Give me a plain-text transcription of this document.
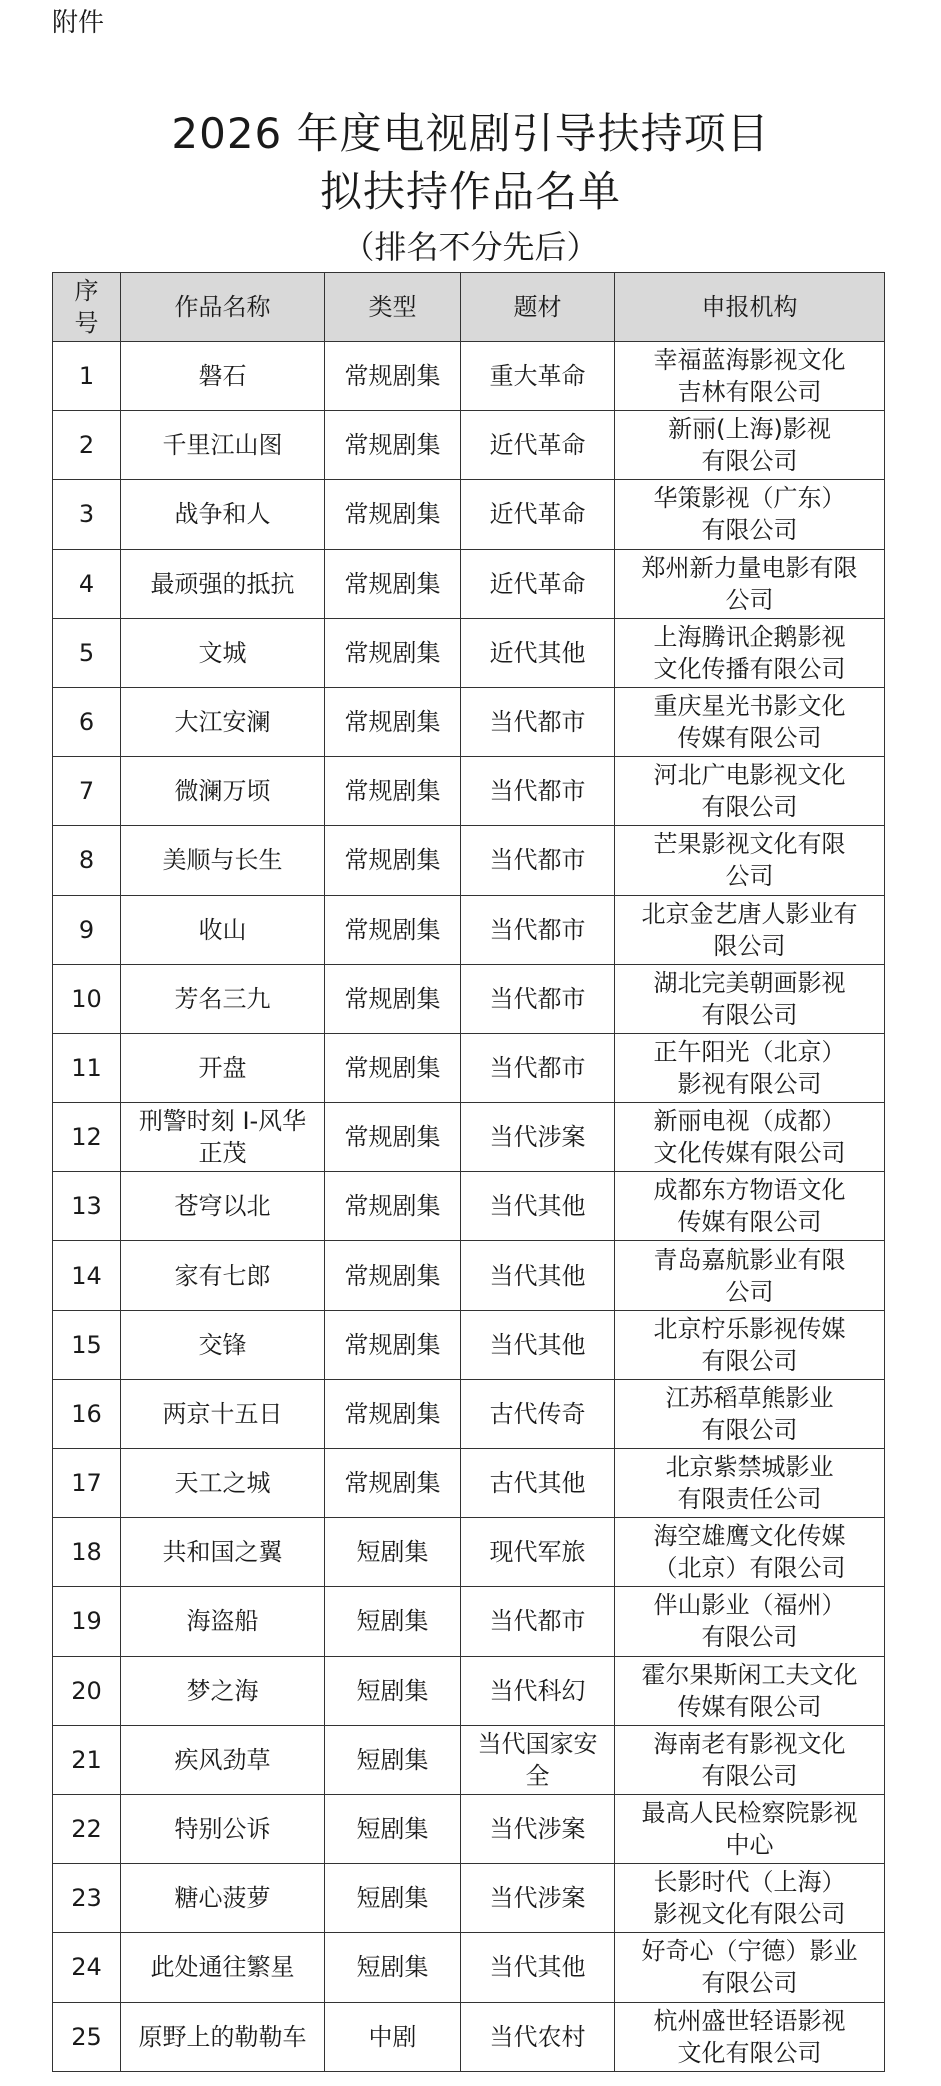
附件
2026 年度电视剧引导扶持项目
拟扶持作品名单
（排名不分先后）
序
号	作品名称	类型	题材	申报机构
1	磐石	常规剧集	重大革命	幸福蓝海影视文化
吉林有限公司
2	千里江山图	常规剧集	近代革命	新丽(上海)影视
有限公司
3	战争和人	常规剧集	近代革命	华策影视（广东）
有限公司
4	最顽强的抵抗	常规剧集	近代革命	郑州新力量电影有限
公司
5	文城	常规剧集	近代其他	上海腾讯企鹅影视
文化传播有限公司
6	大江安澜	常规剧集	当代都市	重庆星光书影文化
传媒有限公司
7	微澜万顷	常规剧集	当代都市	河北广电影视文化
有限公司
8	美顺与长生	常规剧集	当代都市	芒果影视文化有限
公司
9	收山	常规剧集	当代都市	北京金艺唐人影业有
限公司
10	芳名三九	常规剧集	当代都市	湖北完美朝画影视
有限公司
11	开盘	常规剧集	当代都市	正午阳光（北京）
影视有限公司
12	刑警时刻 I-风华
正茂	常规剧集	当代涉案	新丽电视（成都）
文化传媒有限公司
13	苍穹以北	常规剧集	当代其他	成都东方物语文化
传媒有限公司
14	家有七郎	常规剧集	当代其他	青岛嘉航影业有限
公司
15	交锋	常规剧集	当代其他	北京柠乐影视传媒
有限公司
16	两京十五日	常规剧集	古代传奇	江苏稻草熊影业
有限公司
17	天工之城	常规剧集	古代其他	北京紫禁城影业
有限责任公司
18	共和国之翼	短剧集	现代军旅	海空雄鹰文化传媒
（北京）有限公司
19	海盗船	短剧集	当代都市	伴山影业（福州）
有限公司
20	梦之海	短剧集	当代科幻	霍尔果斯闲工夫文化
传媒有限公司
21	疾风劲草	短剧集	当代国家安
全	海南老有影视文化
有限公司
22	特别公诉	短剧集	当代涉案	最高人民检察院影视
中心
23	糖心菠萝	短剧集	当代涉案	长影时代（上海）
影视文化有限公司
24	此处通往繁星	短剧集	当代其他	好奇心（宁德）影业
有限公司
25	原野上的勒勒车	中剧	当代农村	杭州盛世轻语影视
文化有限公司
